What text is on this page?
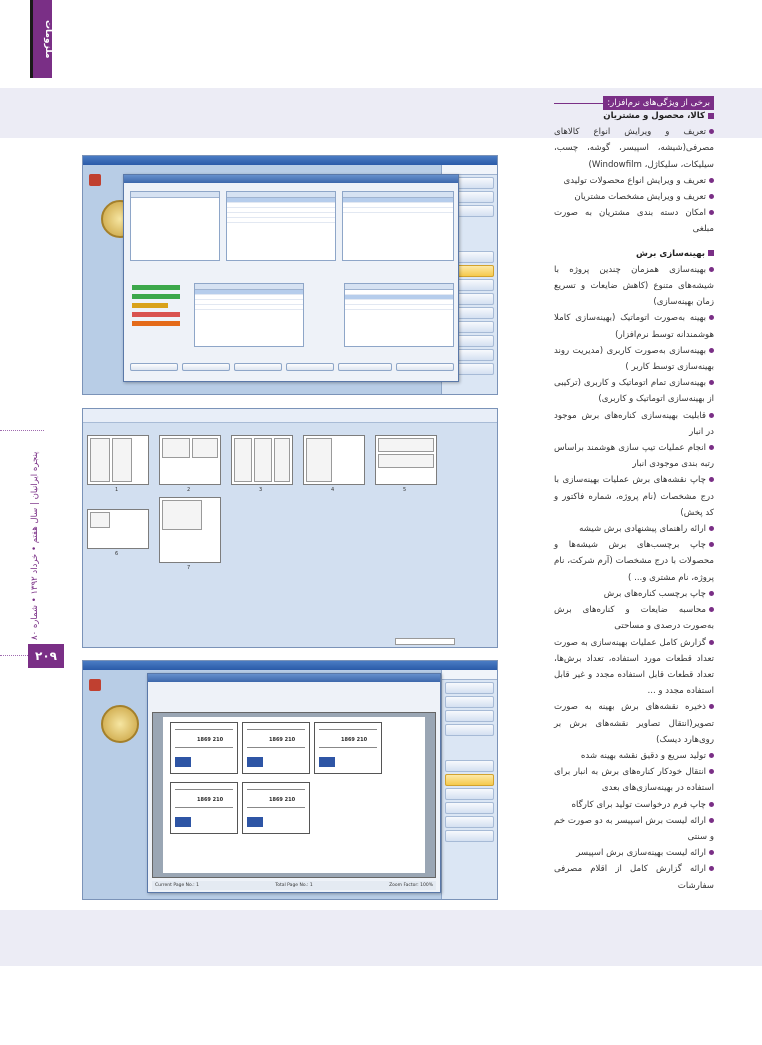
ملزومات
پنجره ایرانیان | سال هفتم • خرداد ۱۳۹۲ • شماره ۸۰
۲۰۹
برخی از ویژگی‌های نرم‌افزار:
کالا، محصول و مشتریان
تعریف و ویرایش انواع کالاهای مصرفی(شیشه، اسپیسر، گوشه، چسب، سیلیکات، سلیکاژل، Windowfilm)
تعریف و ویرایش انواع محصولات تولیدی
تعریف و ویرایش مشخصات مشتریان
امکان دسته بندی مشتریان به صورت مبلغی
بهینه‌سازی برش
بهینه‌سازی همزمان چندین پروژه با شیشه‌های متنوع (کاهش ضایعات و تسریع زمان بهینه‌سازی)
بهینه به‌صورت اتوماتیک (بهینه‌سازی کاملا هوشمندانه توسط نرم‌افزار)
بهینه‌سازی به‌صورت کاربری (مدیریت روند بهینه‌سازی توسط کاربر )
بهینه‌سازی تمام اتوماتیک و کاربری (ترکیبی از بهینه‌سازی اتوماتیک و کاربری)
قابلیت بهینه‌سازی کناره‌های برش موجود در انبار
انجام عملیات تیپ سازی هوشمند براساس رتبه بندی موجودی انبار
چاپ نقشه‌های برش عملیات بهینه‌سازی با درج مشخصات (نام پروژه، شماره فاکتور و کد پخش)
ارائه راهنمای پیشنهادی برش شیشه
چاپ برچسب‌های برش شیشه‌ها و محصولات با درج مشخصات (آرم شرکت، نام پروژه، نام مشتری و... )
چاپ برچسب کناره‌های برش
محاسبه ضایعات و کناره‌های برش به‌صورت درصدی و مساحتی
گزارش کامل عملیات بهینه‌سازی به صورت تعداد قطعات مورد استفاده، تعداد برش‌ها، تعداد قطعات قابل استفاده مجدد و غیر قابل استفاده مجدد و ...
ذخیره نقشه‌های برش بهینه به صورت تصویر(انتقال تصاویر نقشه‌های برش بر روی‌هارد دیسک)
تولید سریع و دقیق نقشه بهینه شده
انتقال خودکار کناره‌های برش به انبار برای استفاده در بهینه‌سازی‌های بعدی
چاپ فرم درخواست تولید برای کارگاه
ارائه لیست برش اسپیسر به دو صورت خم و سنتی
ارائه لیست بهینه‌سازی برش اسپیسر
ارائه گزارش کامل از اقلام مصرفی سفارشات
1	2	3	4	5
6
7
1869 210	1869 210	1869 210
1869 210	1869 210
Current Page No.: 1	Total Page No.: 1	Zoom Factor: 100%
